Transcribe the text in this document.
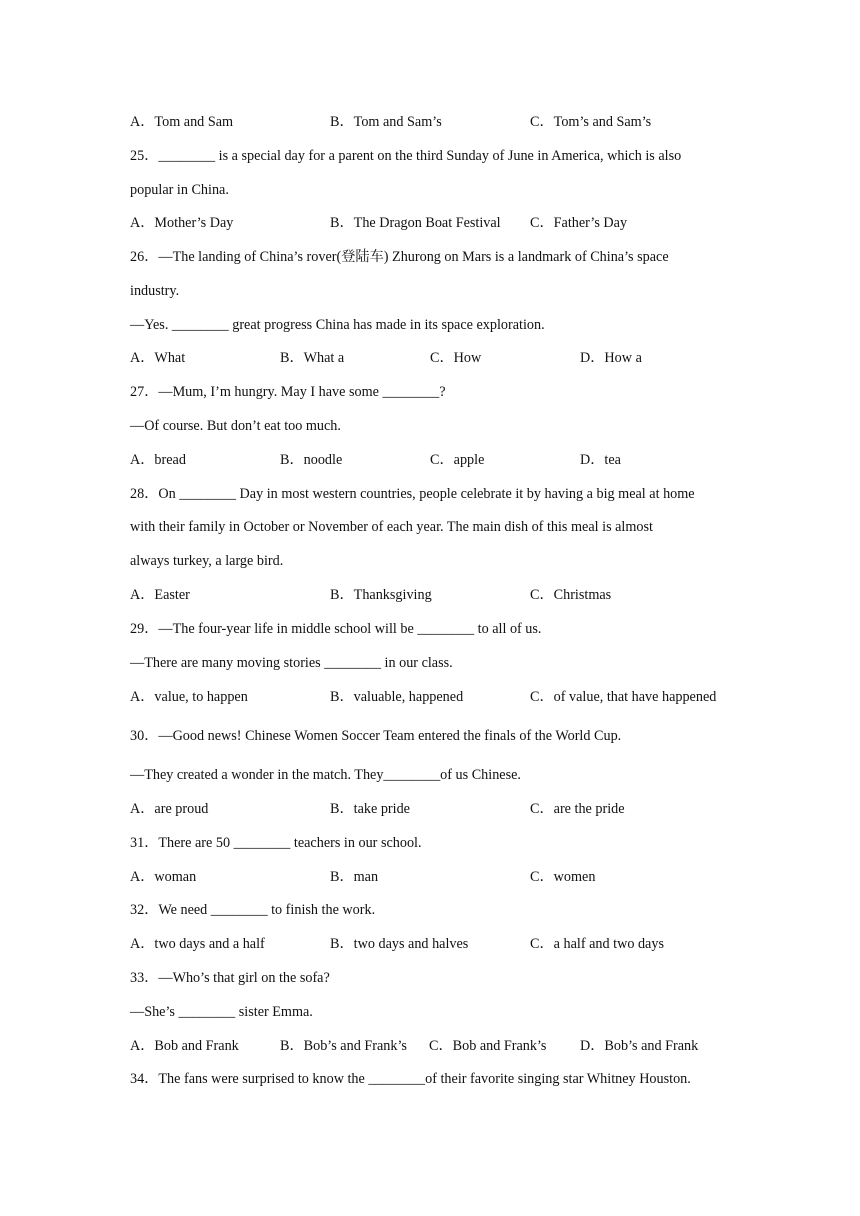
A．Tom and Sam	B．Tom and Sam’s	C．Tom’s and Sam’s
25．________ is a special day for a parent on the third Sunday of June in America, which is also
popular in China.
A．Mother’s Day	B．The Dragon Boat Festival C．Father’s Day
26．—The landing of China’s rover(登陆车) Zhurong on Mars is a landmark of China’s space
industry.
—Yes. ________ great progress China has made in its space exploration.
A．What	B．What a	C．How	D．How a
27．—Mum, I’m hungry. May I have some ________?
—Of course. But don’t eat too much.
A．bread	B．noodle	C．apple	D．tea
28．On ________ Day in most western countries, people celebrate it by having a big meal at home
with their family in October or November of each year. The main dish of this meal is almost
always turkey, a large bird.
A．Easter	B．Thanksgiving	C．Christmas
29．—The four-year life in middle school will be ________ to all of us.
—There are many moving stories ________ in our class.
A．value, to happen	B．valuable, happened	C．of value, that have happened
30．—Good news! Chinese Women Soccer Team entered the finals of the World Cup.
—They created a wonder in the match. They________of us Chinese.
A．are proud	B．take pride	C．are the pride
31．There are 50 ________ teachers in our school.
A．woman	B．man	C．women
32．We need ________ to finish the work.
A．two days and a half	B．two days and halves	C．a half and two days
33．—Who’s that girl on the sofa?
—She’s ________ sister Emma.
A．Bob and Frank	B．Bob’s and Frank’s C．Bob and Frank’s D．Bob’s and Frank
34．The fans were surprised to know the ________of their favorite singing star Whitney Houston.
